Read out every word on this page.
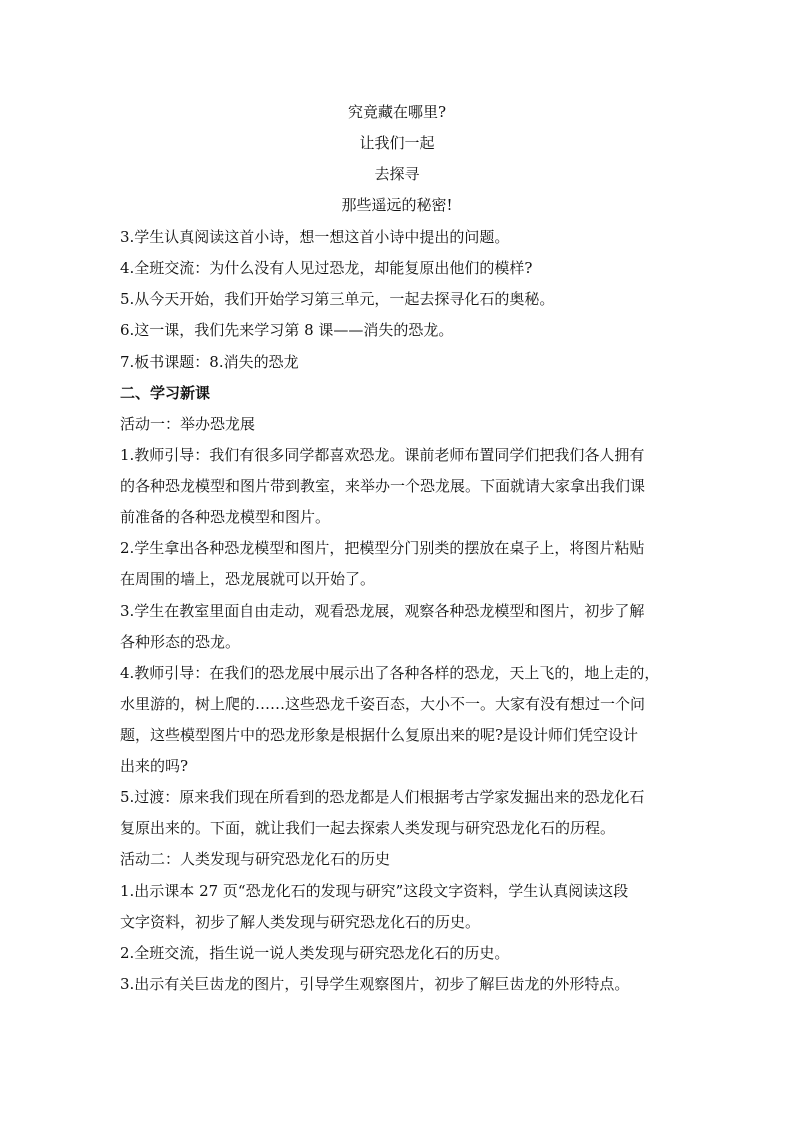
究竟藏在哪里?
让我们一起
去探寻
那些遥远的秘密!
3.学生认真阅读这首小诗，想一想这首小诗中提出的问题。
4.全班交流：为什么没有人见过恐龙，却能复原出他们的模样?
5.从今天开始，我们开始学习第三单元，一起去探寻化石的奥秘。
6.这一课，我们先来学习第 8 课——消失的恐龙。
7.板书课题：8.消失的恐龙
二、学习新课
活动一：举办恐龙展
1.教师引导：我们有很多同学都喜欢恐龙。课前老师布置同学们把我们各人拥有
的各种恐龙模型和图片带到教室，来举办一个恐龙展。下面就请大家拿出我们课
前准备的各种恐龙模型和图片。
2.学生拿出各种恐龙模型和图片，把模型分门别类的摆放在桌子上，将图片粘贴
在周围的墙上，恐龙展就可以开始了。
3.学生在教室里面自由走动，观看恐龙展，观察各种恐龙模型和图片，初步了解
各种形态的恐龙。
4.教师引导：在我们的恐龙展中展示出了各种各样的恐龙，天上飞的，地上走的，
水里游的，树上爬的……这些恐龙千姿百态，大小不一。大家有没有想过一个问
题，这些模型图片中的恐龙形象是根据什么复原出来的呢?是设计师们凭空设计
出来的吗?
5.过渡：原来我们现在所看到的恐龙都是人们根据考古学家发掘出来的恐龙化石
复原出来的。下面，就让我们一起去探索人类发现与研究恐龙化石的历程。
活动二：人类发现与研究恐龙化石的历史
1.出示课本 27 页“恐龙化石的发现与研究”这段文字资料，学生认真阅读这段
文字资料，初步了解人类发现与研究恐龙化石的历史。
2.全班交流，指生说一说人类发现与研究恐龙化石的历史。
3.出示有关巨齿龙的图片，引导学生观察图片，初步了解巨齿龙的外形特点。
